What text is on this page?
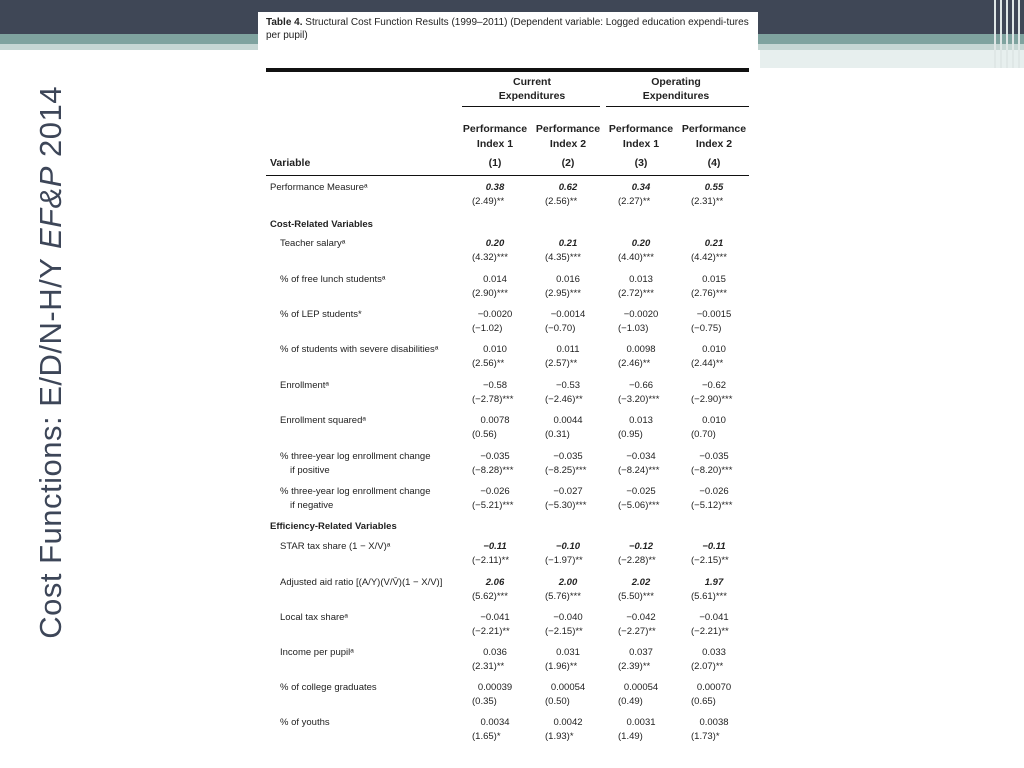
Cost Functions: E/D/N-H/Y EF&P 2014
Table 4. Structural Cost Function Results (1999–2011) (Dependent variable: Logged education expendi-tures per pupil)
Current
Expenditures
Operating
Expenditures
Performance
Index 1
Performance
Index 2
Performance
Index 1
Performance
Index 2
Variable	(1)	(2)	(3)	(4)
Performance Measureᵃ	0.38	0.62	0.34	0.55
(2.49)**	(2.56)**	(2.27)**	(2.31)**
Cost-Related Variables
Teacher salaryᵃ	0.20	0.21	0.20	0.21
(4.32)***	(4.35)***	(4.40)***	(4.42)***
% of free lunch studentsᵃ	0.014	0.016	0.013	0.015
(2.90)***	(2.95)***	(2.72)***	(2.76)***
% of LEP students*	−0.0020	−0.0014	−0.0020	−0.0015
(−1.02)	(−0.70)	(−1.03)	(−0.75)
% of students with severe disabilitiesᵃ	0.010	0.011	0.0098	0.010
(2.56)**	(2.57)**	(2.46)**	(2.44)**
Enrollmentᵃ	−0.58	−0.53	−0.66	−0.62
(−2.78)***	(−2.46)**	(−3.20)***	(−2.90)***
Enrollment squaredᵃ	0.0078	0.0044	0.013	0.010
(0.56)	(0.31)	(0.95)	(0.70)
% three-year log enrollment change
if positive
−0.035	−0.035	−0.034	−0.035
(−8.28)***	(−8.25)***	(−8.24)***	(−8.20)***
% three-year log enrollment change
if negative
−0.026	−0.027	−0.025	−0.026
(−5.21)***	(−5.30)***	(−5.06)***	(−5.12)***
Efficiency-Related Variables
STAR tax share (1 − X/V)ᵃ	−0.11	−0.10	−0.12	−0.11
(−2.11)**	(−1.97)**	(−2.28)**	(−2.15)**
Adjusted aid ratio [(A/Y)(V/V̄)(1 − X/V)]	2.06	2.00	2.02	1.97
(5.62)***	(5.76)***	(5.50)***	(5.61)***
Local tax shareᵃ	−0.041	−0.040	−0.042	−0.041
(−2.21)**	(−2.15)**	(−2.27)**	(−2.21)**
Income per pupilᵃ	0.036	0.031	0.037	0.033
(2.31)**	(1.96)**	(2.39)**	(2.07)**
% of college graduates	0.00039	0.00054	0.00054	0.00070
(0.35)	(0.50)	(0.49)	(0.65)
% of youths	0.0034	0.0042	0.0031	0.0038
(1.65)*	(1.93)*	(1.49)	(1.73)*
